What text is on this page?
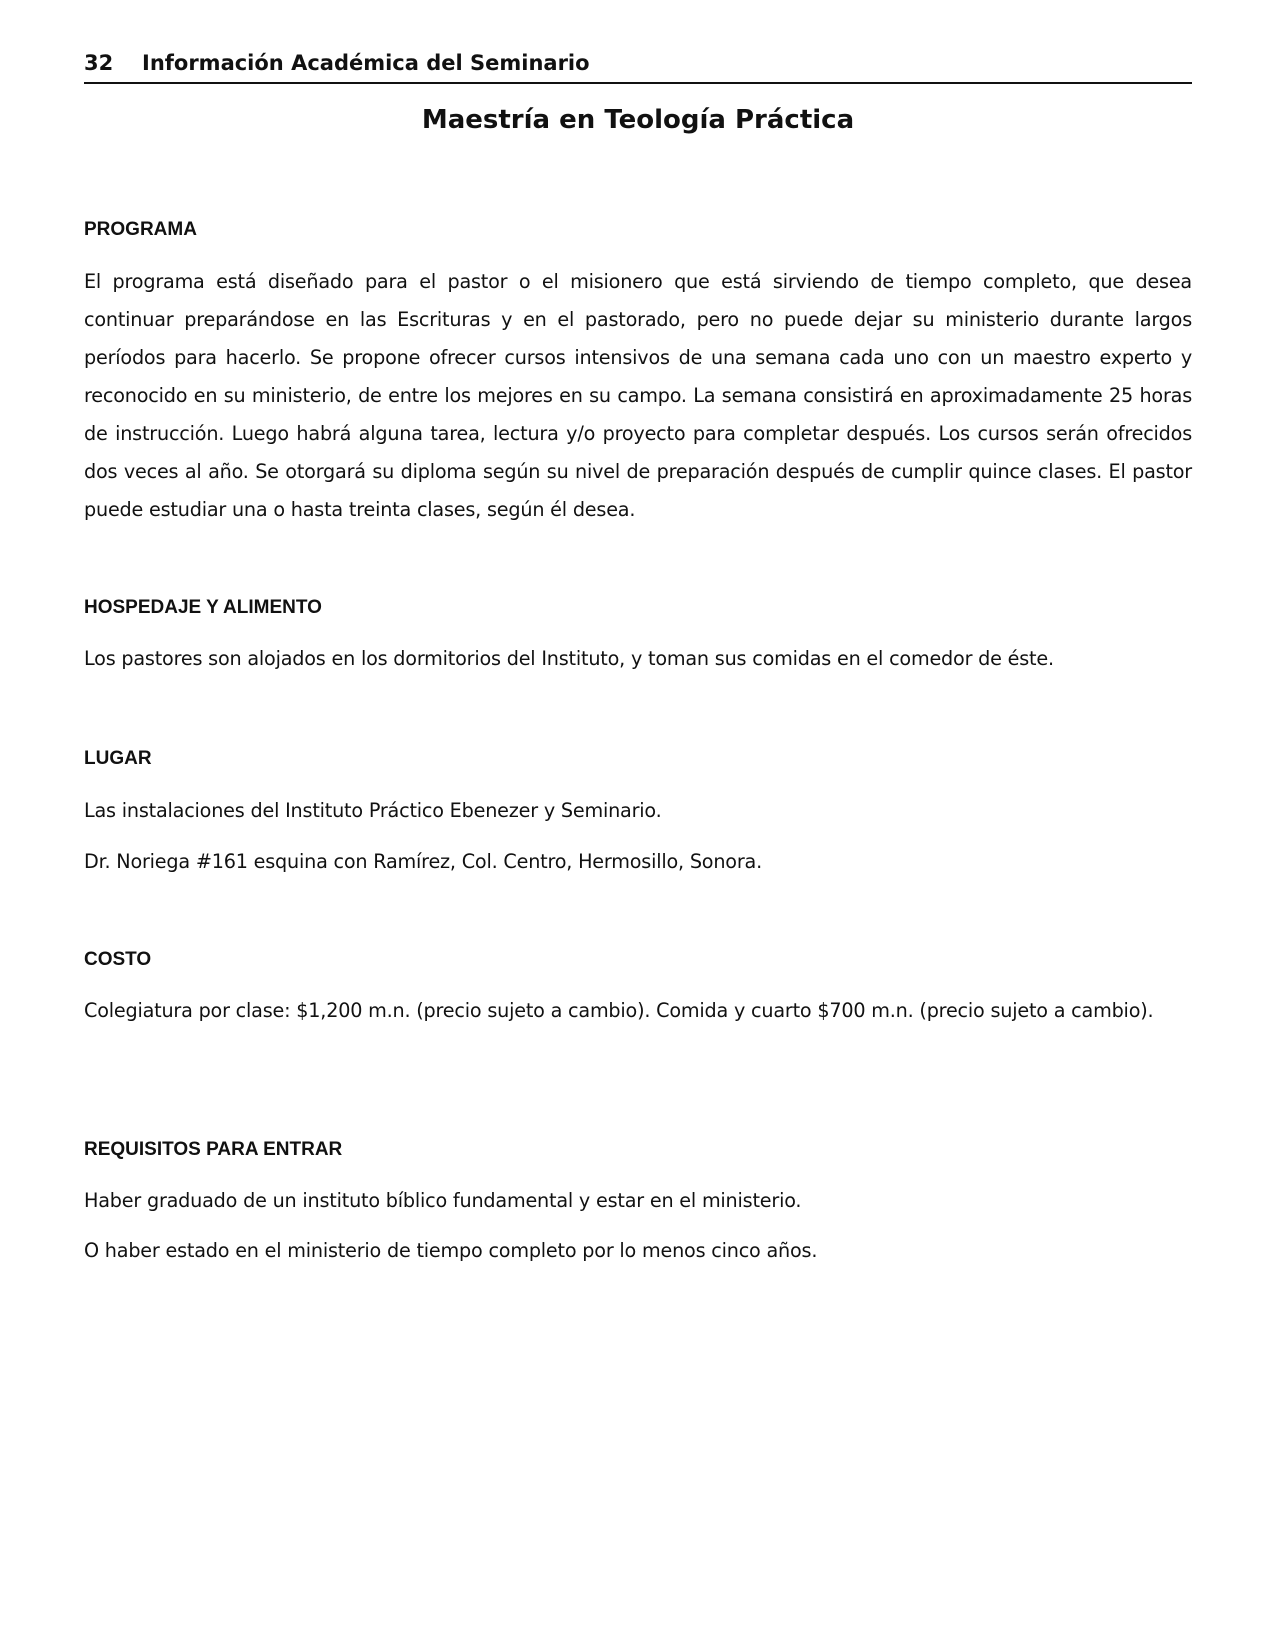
32 Información Académica del Seminario
Maestría en Teología Práctica
PROGRAMA

El programa está diseñado para el pastor o el misionero que está sirviendo de tiempo completo, que desea continuar preparándose en las Escrituras y en el pastorado, pero no puede dejar su ministerio durante largos períodos para hacerlo. Se propone ofrecer cursos intensivos de una semana cada uno con un maestro experto y reconocido en su ministerio, de entre los mejores en su campo. La semana consistirá en aproximadamente 25 horas de instrucción. Luego habrá alguna tarea, lectura y/o proyecto para completar después. Los cursos serán ofrecidos dos veces al año. Se otorgará su diploma según su nivel de preparación después de cumplir quince clases. El pastor puede estudiar una o hasta treinta clases, según él desea.

HOSPEDAJE Y ALIMENTO

Los pastores son alojados en los dormitorios del Instituto, y toman sus comidas en el comedor de éste.

LUGAR

Las instalaciones del Instituto Práctico Ebenezer y Seminario.

Dr. Noriega #161 esquina con Ramírez, Col. Centro, Hermosillo, Sonora.

COSTO

Colegiatura por clase: $1,200 m.n. (precio sujeto a cambio). Comida y cuarto $700 m.n. (precio sujeto a cambio).

REQUISITOS PARA ENTRAR

Haber graduado de un instituto bíblico fundamental y estar en el ministerio.

O haber estado en el ministerio de tiempo completo por lo menos cinco años.
